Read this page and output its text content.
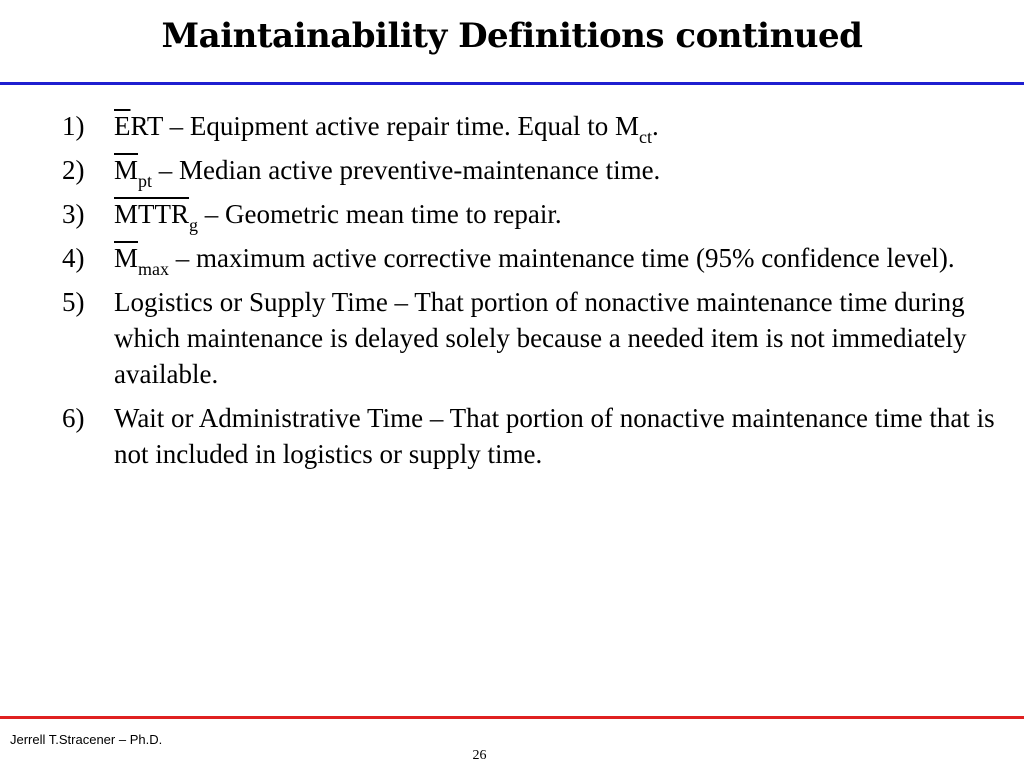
Maintainability Definitions continued
1)	$\overline{E}RT$ – Equipment active repair time. Equal to $M_{ct}$.
2)	$\overline{M}_{pt}$ – Median active preventive-maintenance time.
3)	$MTTR_g$ – Geometric mean time to repair.
4)	$\overline{M}_{max}$ – maximum active corrective maintenance time (95% confidence level).
5)	Logistics or Supply Time – That portion of nonactive maintenance time during which maintenance is delayed solely because a needed item is not immediately available.
6)	Wait or Administrative Time – That portion of nonactive maintenance time that is not included in logistics or supply time.
Jerrell T.Stracener – Ph.D.
26
